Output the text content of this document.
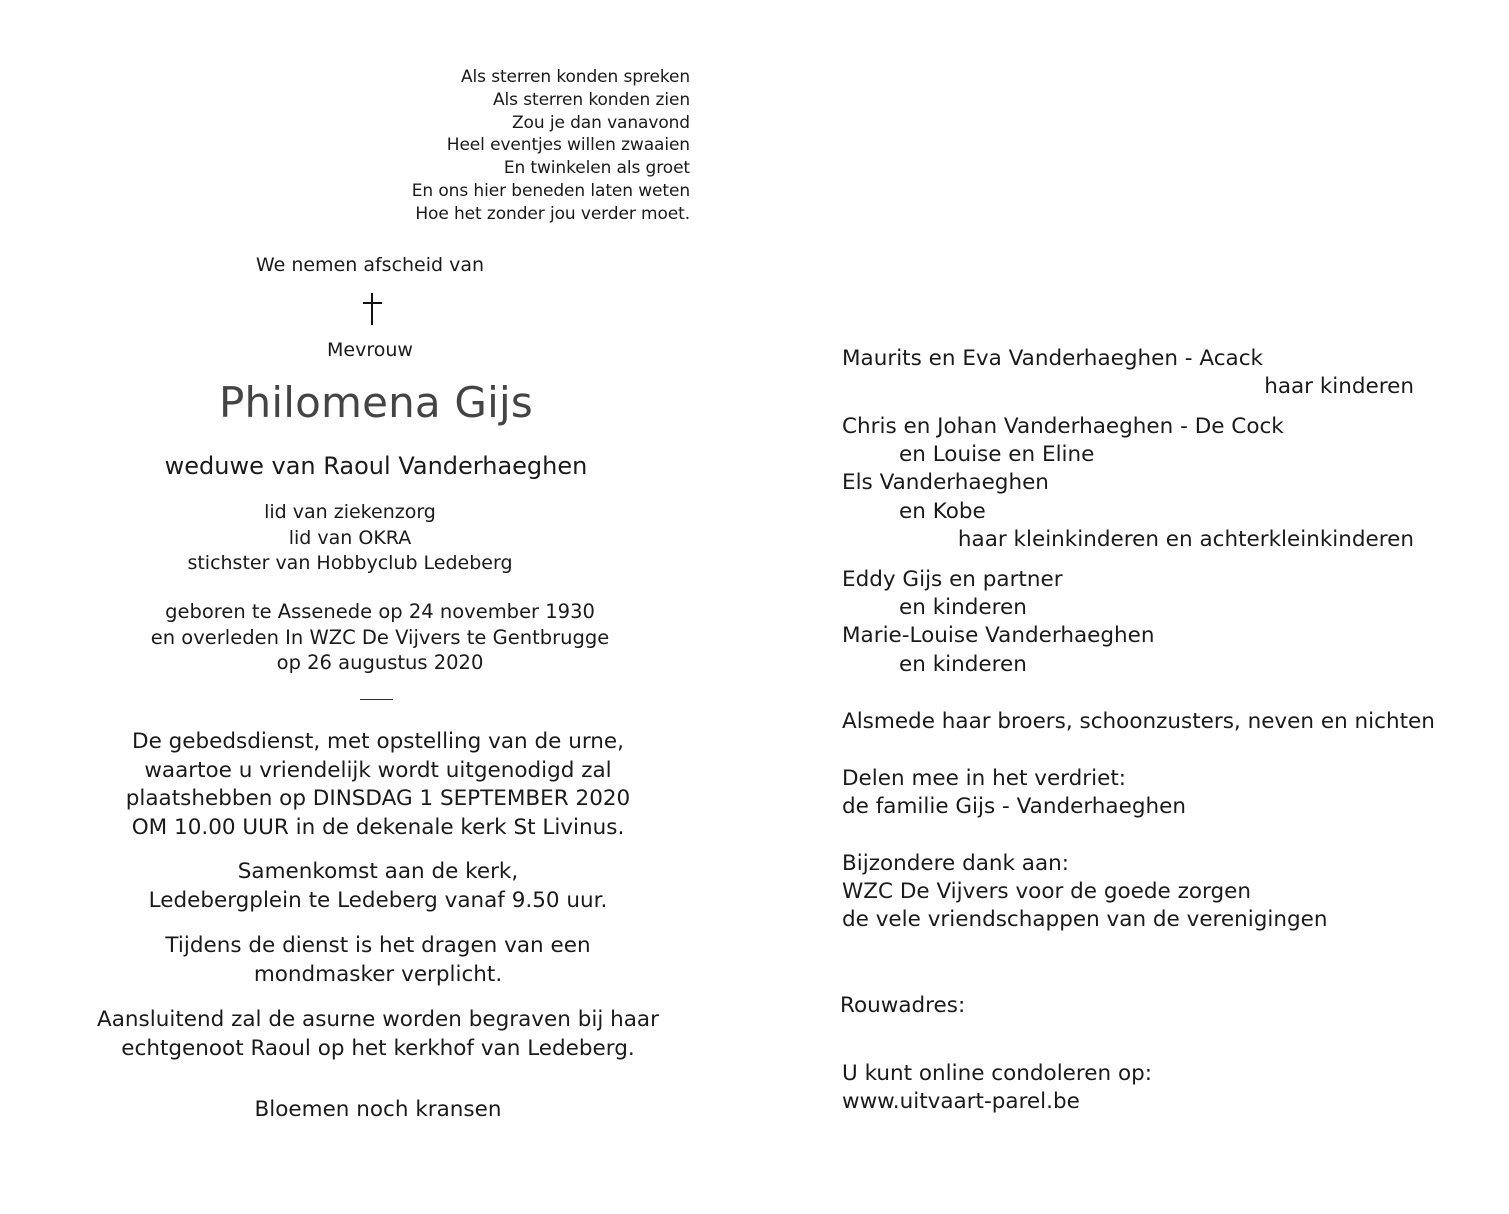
Als sterren konden spreken
Als sterren konden zien
Zou je dan vanavond
Heel eventjes willen zwaaien
En twinkelen als groet
En ons hier beneden laten weten
Hoe het zonder jou verder moet.
We nemen afscheid van
Mevrouw
Philomena Gijs
weduwe van Raoul Vanderhaeghen
lid van ziekenzorg
lid van OKRA
stichster van Hobbyclub Ledeberg
geboren te Assenede op 24 november 1930
en overleden In WZC De Vijvers te Gentbrugge
op 26 augustus 2020
De gebedsdienst, met opstelling van de urne,
waartoe u vriendelijk wordt uitgenodigd zal
plaatshebben op DINSDAG 1 SEPTEMBER 2020
OM 10.00 UUR in de dekenale kerk St Livinus.
Samenkomst aan de kerk,
Ledebergplein te Ledeberg vanaf 9.50 uur.
Tijdens de dienst is het dragen van een
mondmasker verplicht.
Aansluitend zal de asurne worden begraven bij haar
echtgenoot Raoul op het kerkhof van Ledeberg.
Bloemen noch kransen
Maurits en Eva Vanderhaeghen - Acack
haar kinderen
Chris en Johan Vanderhaeghen - De Cock
en Louise en Eline
Els Vanderhaeghen
en Kobe
haar kleinkinderen en achterkleinkinderen
Eddy Gijs en partner
en kinderen
Marie-Louise Vanderhaeghen
en kinderen
Alsmede haar broers, schoonzusters, neven en nichten
Delen mee in het verdriet:
de familie Gijs - Vanderhaeghen
Bijzondere dank aan:
WZC De Vijvers voor de goede zorgen
de vele vriendschappen van de verenigingen
Rouwadres:
U kunt online condoleren op:
www.uitvaart-parel.be
